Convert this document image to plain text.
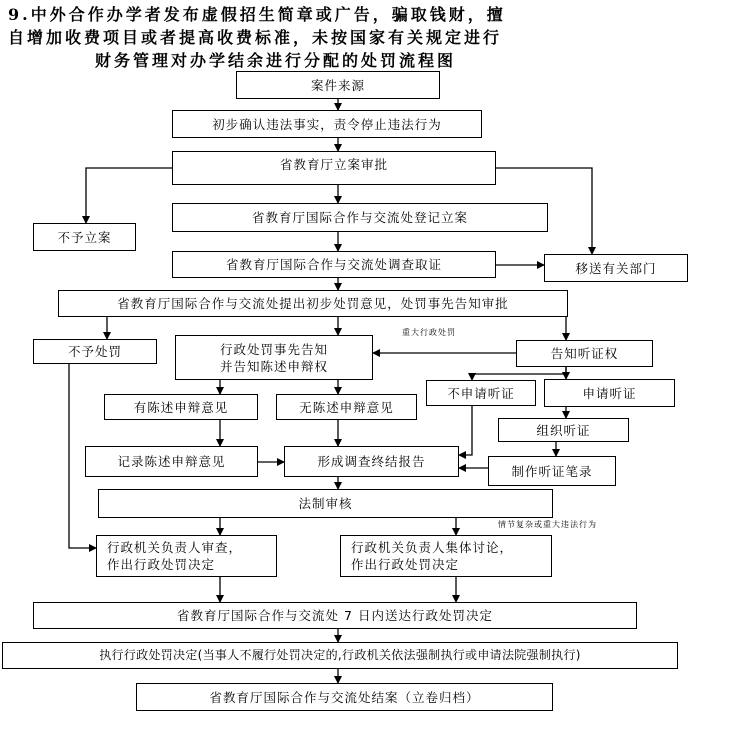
9.中外合作办学者发布虚假招生简章或广告，骗取钱财，擅
自增加收费项目或者提高收费标准，未按国家有关规定进行
财务管理对办学结余进行分配的处罚流程图
案件来源
初步确认违法事实，责令停止违法行为
省教育厅立案审批
不予立案
省教育厅国际合作与交流处登记立案
省教育厅国际合作与交流处调查取证	移送有关部门
省教育厅国际合作与交流处提出初步处罚意见，处罚事先告知审批
不予处罚
重大行政处罚
行政处罚事先告知
并告知陈述申辩权
告知听证权
有陈述申辩意见	无陈述申辩意见
不申请听证	申请听证
组织听证
记录陈述申辩意见	形成调查终结报告
制作听证笔录
法制审核
情节复杂或重大违法行为
行政机关负责人审查，
作出行政处罚决定
行政机关负责人集体讨论，
作出行政处罚决定
省教育厅国际合作与交流处 7 日内送达行政处罚决定
执行行政处罚决定(当事人不履行处罚决定的,行政机关依法强制执行或申请法院强制执行)
省教育厅国际合作与交流处结案（立卷归档）
